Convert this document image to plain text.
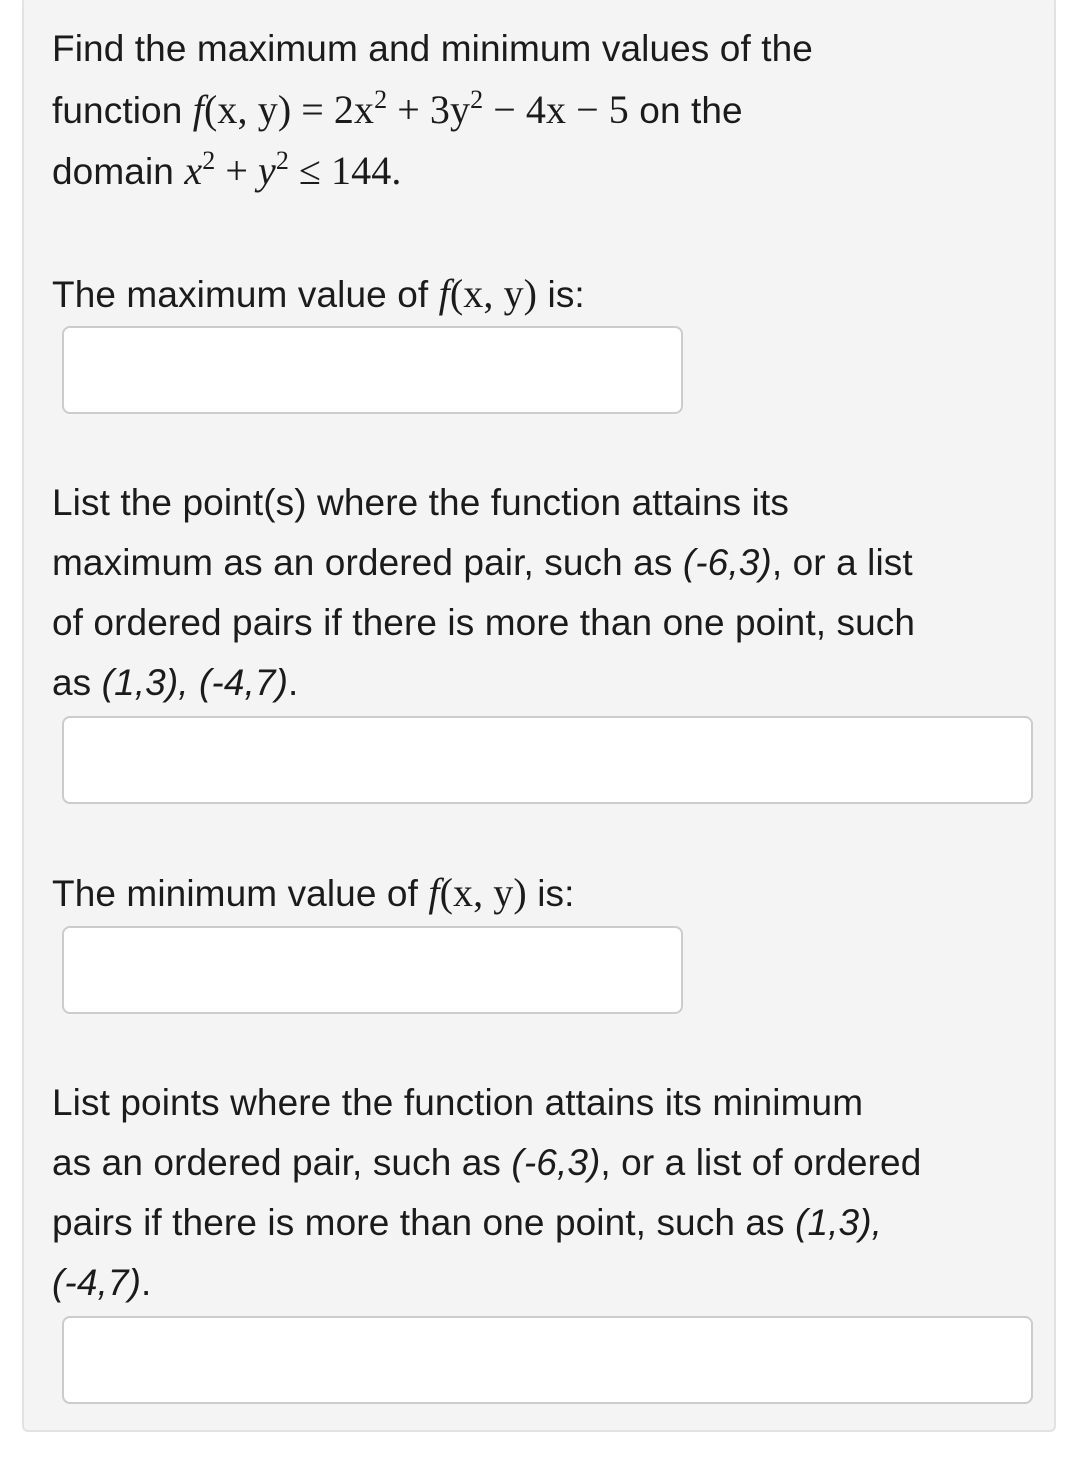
Find the maximum and minimum values of the
function f(x, $y) = 2x^2 + 3y^2 - 4x - 5$ on the
domain $x^2 + y^2 \le 144$.
The maximum value of f(x, y) is:
List the point(s) where the function attains its
maximum as an ordered pair, such as (-6,3), or a list
of ordered pairs if there is more than one point, such
as (1,3), (-4,7).
The minimum value of f(x, y) is:
List points where the function attains its minimum
as an ordered pair, such as (-6,3), or a list of ordered
pairs if there is more than one point, such as (1,3),
(-4,7).
